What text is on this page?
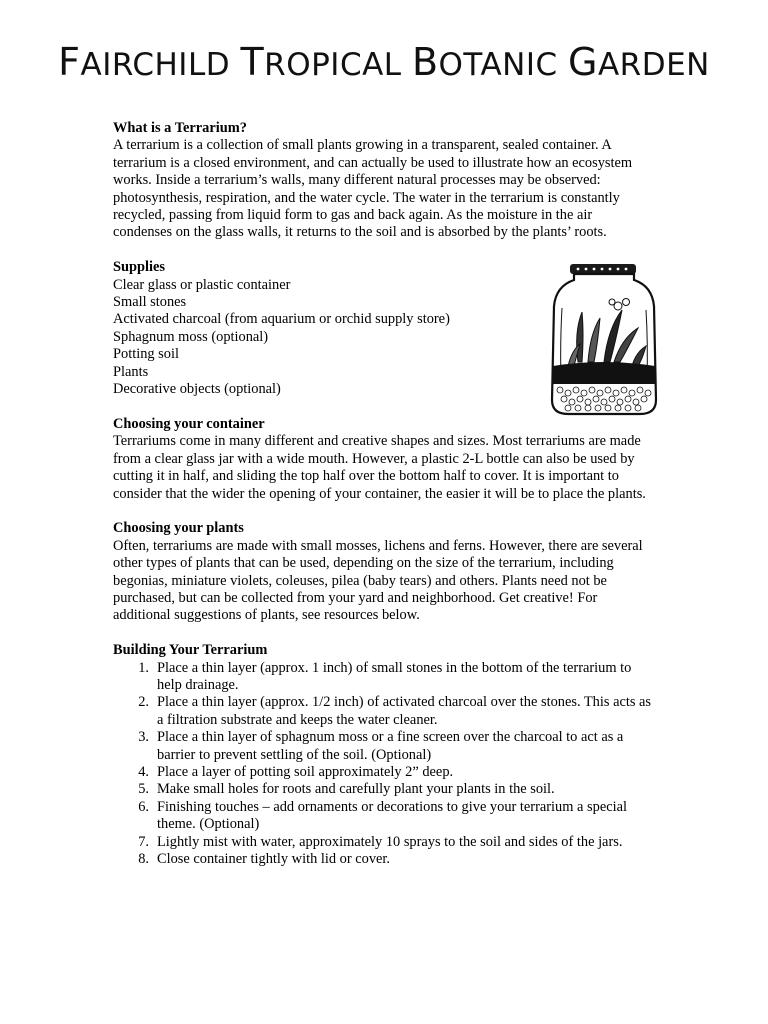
FAIRCHILD TROPICAL BOTANIC GARDEN
What is a Terrarium?

A terrarium is a collection of small plants growing in a transparent, sealed container. A terrarium is a closed environment, and can actually be used to illustrate how an ecosystem works. Inside a terrarium’s walls, many different natural processes may be observed: photosynthesis, respiration, and the water cycle. The water in the terrarium is constantly recycled, passing from liquid form to gas and back again. As the moisture in the air condenses on the glass walls, it returns to the soil and is absorbed by the plants’ roots.

Supplies
Clear glass or plastic container
Small stones
Activated charcoal (from aquarium or orchid supply store)
Sphagnum moss (optional)
Potting soil
Plants
Decorative objects (optional)
Choosing your container

Terrariums come in many different and creative shapes and sizes. Most terrariums are made from a clear glass jar with a wide mouth. However, a plastic 2-L bottle can also be used by cutting it in half, and sliding the top half over the bottom half to cover. It is important to consider that the wider the opening of your container, the easier it will be to place the plants.

Choosing your plants

Often, terrariums are made with small mosses, lichens and ferns. However, there are several other types of plants that can be used, depending on the size of the terrarium, including begonias, miniature violets, coleuses, pilea (baby tears) and others. Plants need not be purchased, but can be collected from your yard and neighborhood. Get creative! For additional suggestions of plants, see resources below.

Building Your Terrarium
1. Place a thin layer (approx. 1 inch) of small stones in the bottom of the terrarium to help drainage.
2. Place a thin layer (approx. 1/2 inch) of activated charcoal over the stones. This acts as a filtration substrate and keeps the water cleaner.
3. Place a thin layer of sphagnum moss or a fine screen over the charcoal to act as a barrier to prevent settling of the soil. (Optional)
4. Place a layer of potting soil approximately 2” deep.
5. Make small holes for roots and carefully plant your plants in the soil.
6. Finishing touches – add ornaments or decorations to give your terrarium a special theme. (Optional)
7. Lightly mist with water, approximately 10 sprays to the soil and sides of the jars.
8. Close container tightly with lid or cover.
